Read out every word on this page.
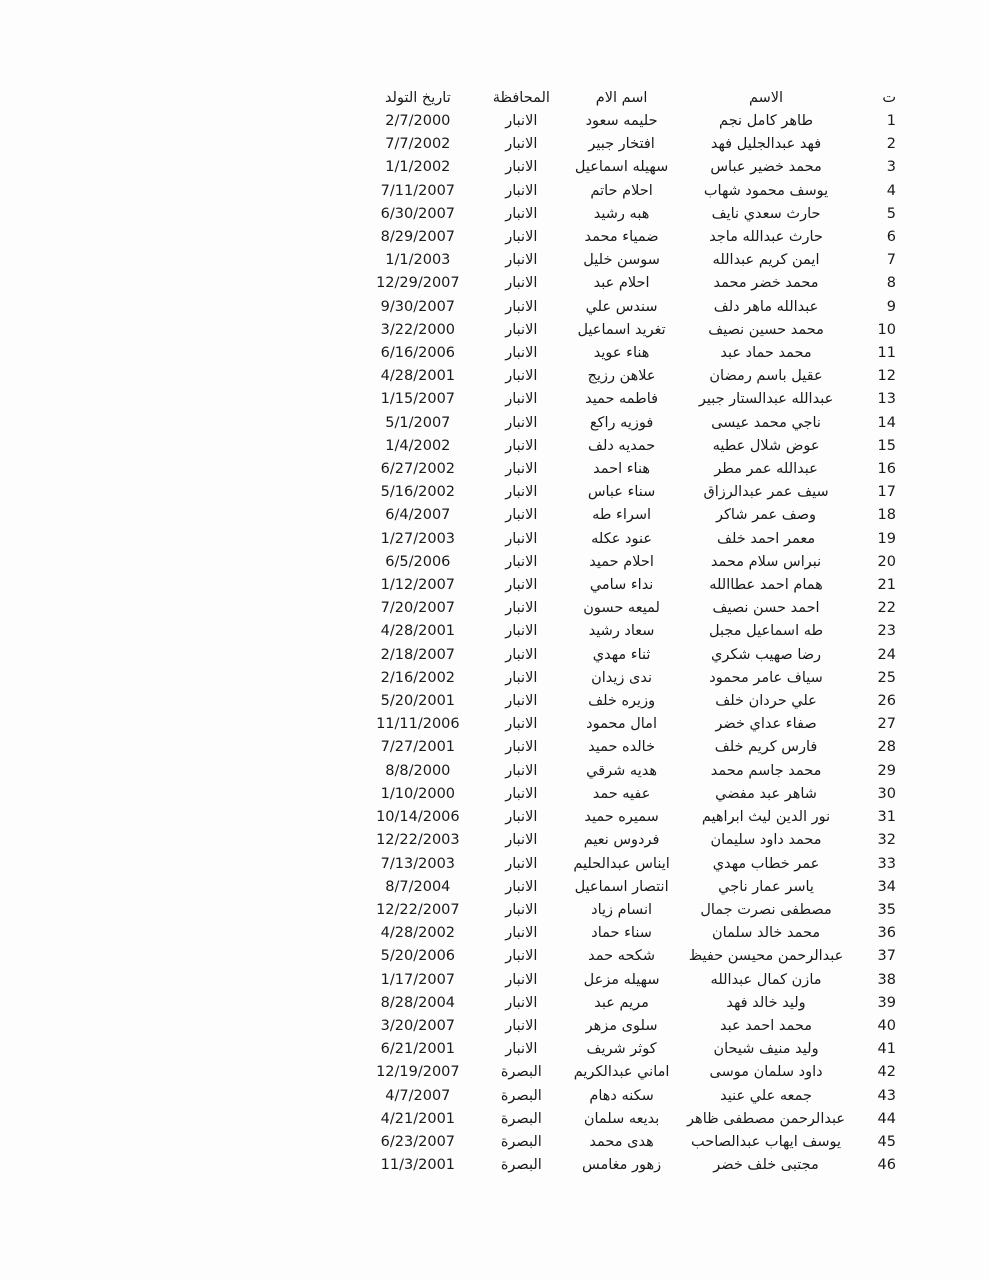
ت	الاسم	اسم الام	المحافظة	تاريخ التولد
1	طاهر كامل نجم	حليمه سعود	الانبار	2/7/2000
2	فهد عبدالجليل فهد	افتخار جبير	الانبار	7/7/2002
3	محمد خضير عباس	سهيله اسماعيل	الانبار	1/1/2002
4	يوسف محمود شهاب	احلام حاتم	الانبار	7/11/2007
5	حارث سعدي نايف	هبه رشيد	الانبار	6/30/2007
6	حارث عبدالله ماجد	ضمياء محمد	الانبار	8/29/2007
7	ايمن كريم عبدالله	سوسن خليل	الانبار	1/1/2003
8	محمد خضر محمد	احلام عبد	الانبار	12/29/2007
9	عبدالله ماهر دلف	سندس علي	الانبار	9/30/2007
10	محمد حسين نصيف	تغريد اسماعيل	الانبار	3/22/2000
11	محمد حماد عبد	هناء عويد	الانبار	6/16/2006
12	عقيل باسم رمضان	علاهن رزيج	الانبار	4/28/2001
13	عبدالله عبدالستار جبير	فاطمه حميد	الانبار	1/15/2007
14	ناجي محمد عيسى	فوزيه راكع	الانبار	5/1/2007
15	عوض شلال عطيه	حمديه دلف	الانبار	1/4/2002
16	عبدالله عمر مطر	هناء احمد	الانبار	6/27/2002
17	سيف عمر عبدالرزاق	سناء عباس	الانبار	5/16/2002
18	وصف عمر شاكر	اسراء طه	الانبار	6/4/2007
19	معمر احمد خلف	عنود عكله	الانبار	1/27/2003
20	نبراس سلام محمد	احلام حميد	الانبار	6/5/2006
21	همام احمد عطاالله	نداء سامي	الانبار	1/12/2007
22	احمد حسن نصيف	لميعه حسون	الانبار	7/20/2007
23	طه اسماعيل مجبل	سعاد رشيد	الانبار	4/28/2001
24	رضا صهيب شكري	ثناء مهدي	الانبار	2/18/2007
25	سياف عامر محمود	ندى زيدان	الانبار	2/16/2002
26	علي حردان خلف	وزيره خلف	الانبار	5/20/2001
27	صفاء عداي خضر	امال محمود	الانبار	11/11/2006
28	فارس كريم خلف	خالده حميد	الانبار	7/27/2001
29	محمد جاسم محمد	هديه شرقي	الانبار	8/8/2000
30	شاهر عبد مفضي	عفيه حمد	الانبار	1/10/2000
31	نور الدين ليث ابراهيم	سميره حميد	الانبار	10/14/2006
32	محمد داود سليمان	فردوس نعيم	الانبار	12/22/2003
33	عمر خطاب مهدي	ايناس عبدالحليم	الانبار	7/13/2003
34	ياسر عمار ناجي	انتصار اسماعيل	الانبار	8/7/2004
35	مصطفى نصرت جمال	انسام زياد	الانبار	12/22/2007
36	محمد خالد سلمان	سناء حماد	الانبار	4/28/2002
37	عبدالرحمن محيسن حفيظ	شكحه حمد	الانبار	5/20/2006
38	مازن كمال عبدالله	سهيله مزعل	الانبار	1/17/2007
39	وليد خالد فهد	مريم عبد	الانبار	8/28/2004
40	محمد احمد عبد	سلوى مزهر	الانبار	3/20/2007
41	وليد منيف شيحان	كوثر شريف	الانبار	6/21/2001
42	داود سلمان موسى	اماني عبدالكريم	البصرة	12/19/2007
43	جمعه علي عنيد	سكنه دهام	البصرة	4/7/2007
44	عبدالرحمن مصطفى ظاهر	بديعه سلمان	البصرة	4/21/2001
45	يوسف ايهاب عبدالصاحب	هدى محمد	البصرة	6/23/2007
46	مجتبى خلف خضر	زهور مغامس	البصرة	11/3/2001
